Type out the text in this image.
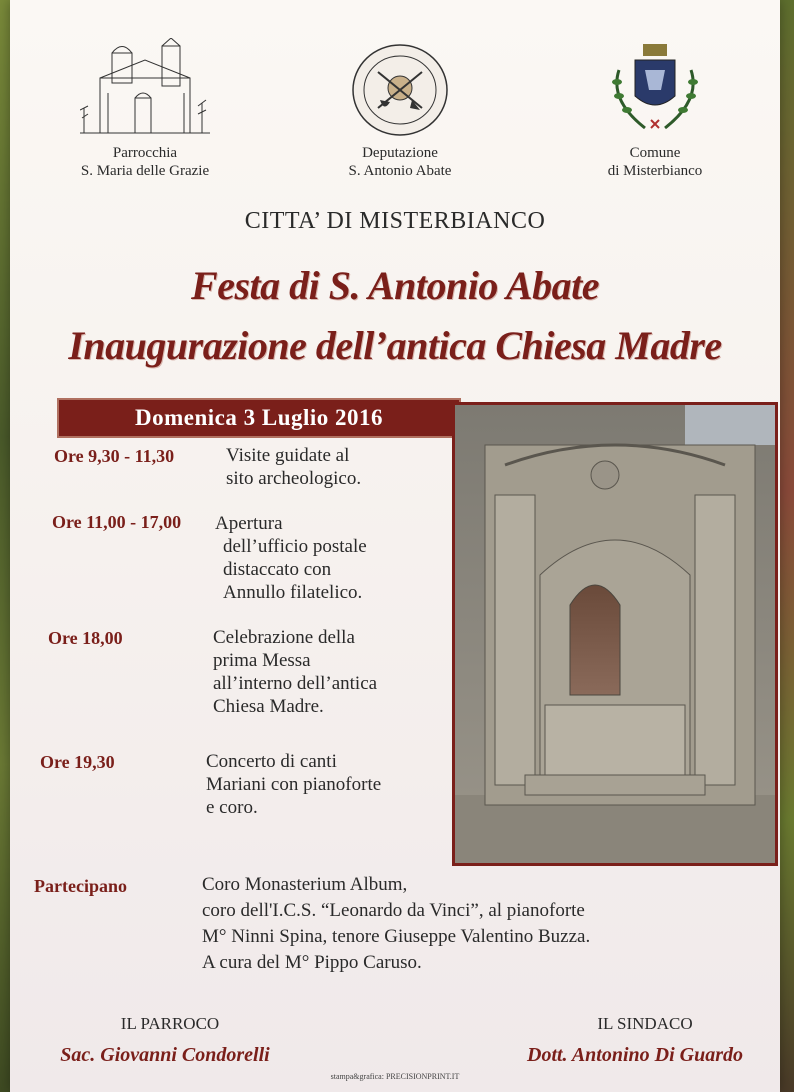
Parrocchia
S. Maria delle Grazie
Deputazione
S. Antonio Abate
Comune
di Misterbianco
CITTA’ DI MISTERBIANCO
Festa di S. Antonio Abate
Inaugurazione dell’antica Chiesa Madre
Domenica 3 Luglio 2016
Ore 9,30 - 11,30	Visite guidate al
sito archeologico.
Ore 11,00 - 17,00 Apertura
dell’ufficio postale
distaccato con
Annullo filatelico.
Ore 18,00	Celebrazione della
prima Messa
all’interno dell’antica
Chiesa Madre.
Ore 19,30	Concerto di canti
Mariani con pianoforte
e coro.
Partecipano	Coro Monasterium Album,
coro dell'I.C.S. “Leonardo da Vinci”, al pianoforte
M° Ninni Spina, tenore Giuseppe Valentino Buzza.
A cura del M° Pippo Caruso.
IL PARROCO
Sac. Giovanni Condorelli
IL SINDACO
Dott. Antonino Di Guardo
stampa&grafica: PRECISIONPRINT.IT
